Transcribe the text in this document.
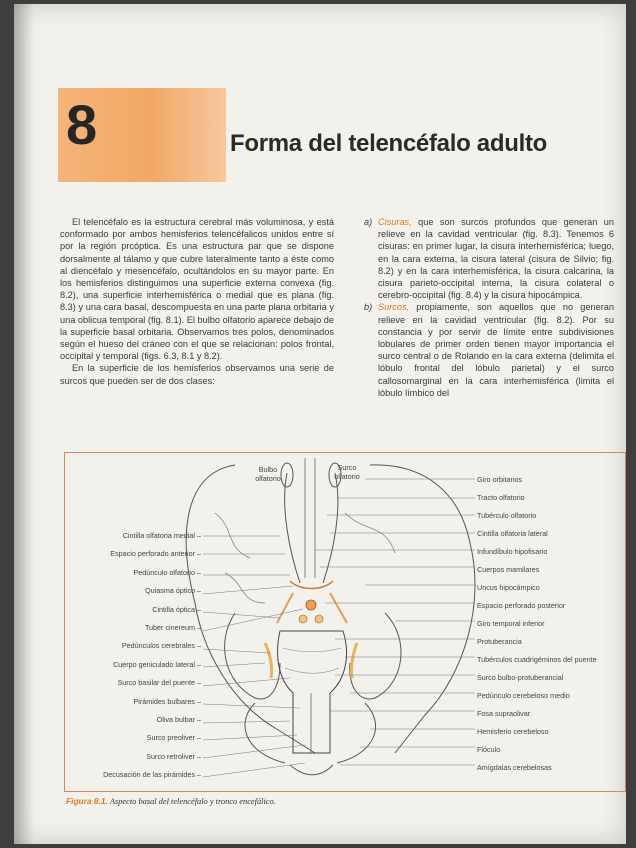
8	Forma del telencéfalo adulto

El telencéfalo es la estructura cerebral más voluminosa, y está conformado por ambos hemisferios telencéfalicos unidos entre sí por la región prcóptica. Es una estructura par que se dispone dorsalmente al tálamo y que cubre lateralmente tanto a éste como al diencéfalo y mesencéfalo, ocultándolos en su mayor parte. En los hemisferios distinguimos una superficie externa convexa (fig. 8.2), una superficie interhemisférica o medial que es plana (fig. 8.3) y una cara basal, descompuesta en una parte plana orbitaria y una oblicua temporal (fig. 8.1). El bulbo olfatorio aparece debajo de la superficie basal orbitaria. Observamos tres polos, denominados según el hueso del cráneo con el que se relacionan: polos frontal, occipital y temporal (figs. 6.3, 8.1 y 8.2).

En la superficie de los hemisferios observamos una serie de surcos que pueden ser de dos clases:

a) Cisuras, que son surcos profundos que generan un relieve en la cavidad ventricular (fig. 8.3). Tenemos 6 cisuras: en primer lugar, la cisura interhemisférica; luego, en la cara externa, la cisura lateral (cisura de Silvio; fig. 8.2) y en la cara interhemisférica, la cisura calcarina, la cisura parieto-occipital interna, la cisura colateral o cerebro-occipital (fig. 8.4) y la cisura hipocámpica.
b) Surcos, propiamente, son aquellos que no generan relieve en la cavidad ventricular (fig. 8.2). Por su constancia y por servir de límite entre subdivisiones lobulares de primer orden tienen mayor importancia el surco central o de Rolando en la cara externa (delimita el lóbulo frontal del lóbulo parietal) y el surco callosomarginal en la cara interhemisférica (limita el lóbulo límbico del
Bulbo olfatorio
Surco olfatorio
Cintilla olfatoria medial –
Espacio perforado anterior –
Pedúnculo olfatorio –
Quiasma óptico –
Cintilla óptica –
Tuber cinereum –
Pedúnculos cerebrales –
Cuerpo geniculado lateral –
Surco basilar del puente –
Pirámides bulbares –
Oliva bulbar –
Surco preoliver –
Surco retroliver –
Decusación de las pirámides –
Giro orbitarios
Tracto olfatorio
Tubérculo olfatorio
Cintilla olfatoria lateral
Infundíbulo hipofisario
Cuerpos mamilares
Uncus hipocámpico
Espacio perforado posterior
Giro temporal inferior
Protuberancia
Tubérculos cuadrigéminos del puente
Surco bulbo-protuberancial
Pedúnculo cerebeloso medio
Fosa supraolivar
Hemisferio cerebeloso
Flóculo
Amígdalas cerebelosas
Figura 8.1. Aspecto basal del telencéfalo y tronco encefálico.
